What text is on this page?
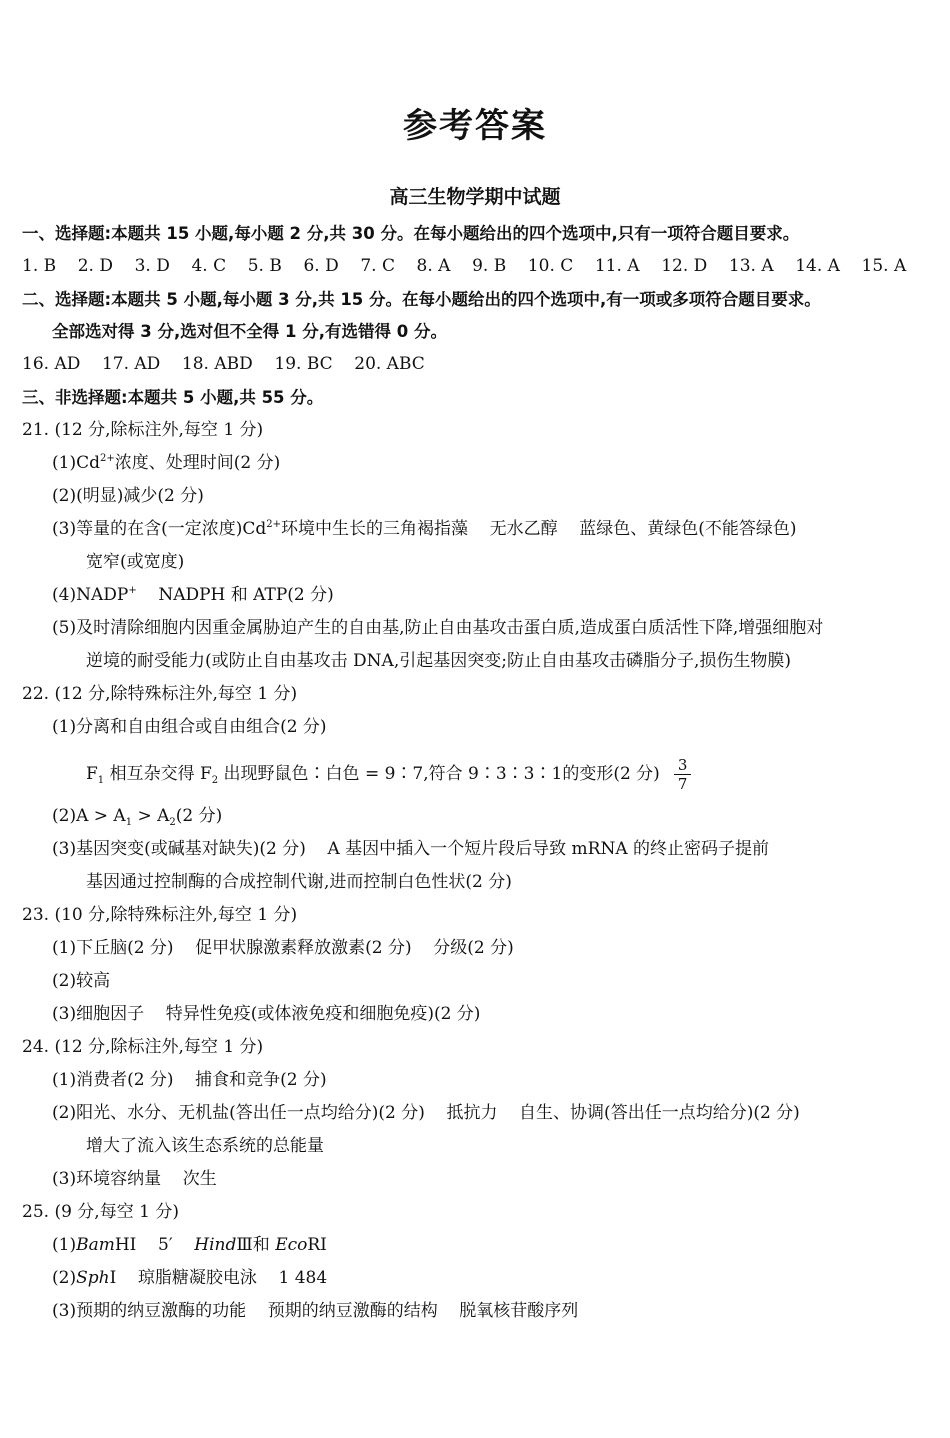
参考答案
高三生物学期中试题
一、选择题:本题共 15 小题,每小题 2 分,共 30 分。在每小题给出的四个选项中,只有一项符合题目要求。
1. B    2. D    3. D    4. C    5. B    6. D    7. C    8. A    9. B    10. C    11. A    12. D    13. A    14. A    15. A
二、选择题:本题共 5 小题,每小题 3 分,共 15 分。在每小题给出的四个选项中,有一项或多项符合题目要求。
全部选对得 3 分,选对但不全得 1 分,有选错得 0 分。
16. AD    17. AD    18. ABD    19. BC    20. ABC
三、非选择题:本题共 5 小题,共 55 分。
21. (12 分,除标注外,每空 1 分)
$(1)Cd^{2+}$浓度、处理时间(2 分)
(2)(明显)减少(2 分)
(3)等量的在含(一定浓度)$Cd^{2+}$环境中生长的三角褐指藻    无水乙醇    蓝绿色、黄绿色(不能答绿色)
宽窄(或宽度)
(4)NADP+    NADPH 和 ATP(2 分)
(5)及时清除细胞内因重金属胁迫产生的自由基,防止自由基攻击蛋白质,造成蛋白质活性下降,增强细胞对
逆境的耐受能力(或防止自由基攻击 DNA,引起基因突变;防止自由基攻击磷脂分子,损伤生物膜)
22. (12 分,除特殊标注外,每空 1 分)
(1)分离和自由组合或自由组合(2 分)
$F_1$ 相互杂交得 $F_2$ 出现野鼠色∶白色 = 9∶7,符合 9∶3∶3∶1的变形(2 分) $\frac{3}{7}$
$(2)A > A_1 > A_2(2$ 分)
(3)基因突变(或碱基对缺失)(2 分)    A 基因中插入一个短片段后导致 mRNA 的终止密码子提前
基因通过控制酶的合成控制代谢,进而控制白色性状(2 分)
23. (10 分,除特殊标注外,每空 1 分)
(1)下丘脑(2 分)    促甲状腺激素释放激素(2 分)    分级(2 分)
(2)较高
(3)细胞因子    特异性免疫(或体液免疫和细胞免疫)(2 分)
24. (12 分,除标注外,每空 1 分)
(1)消费者(2 分)    捕食和竞争(2 分)
(2)阳光、水分、无机盐(答出任一点均给分)(2 分)    抵抗力    自生、协调(答出任一点均给分)(2 分)
增大了流入该生态系统的总能量
(3)环境容纳量    次生
25. (9 分,每空 1 分)
(1)BamHⅠ    5′    HindⅢ和 EcoRⅠ
(2)SphⅠ    琼脂糖凝胶电泳    1 484
(3)预期的纳豆激酶的功能    预期的纳豆激酶的结构    脱氧核苷酸序列
